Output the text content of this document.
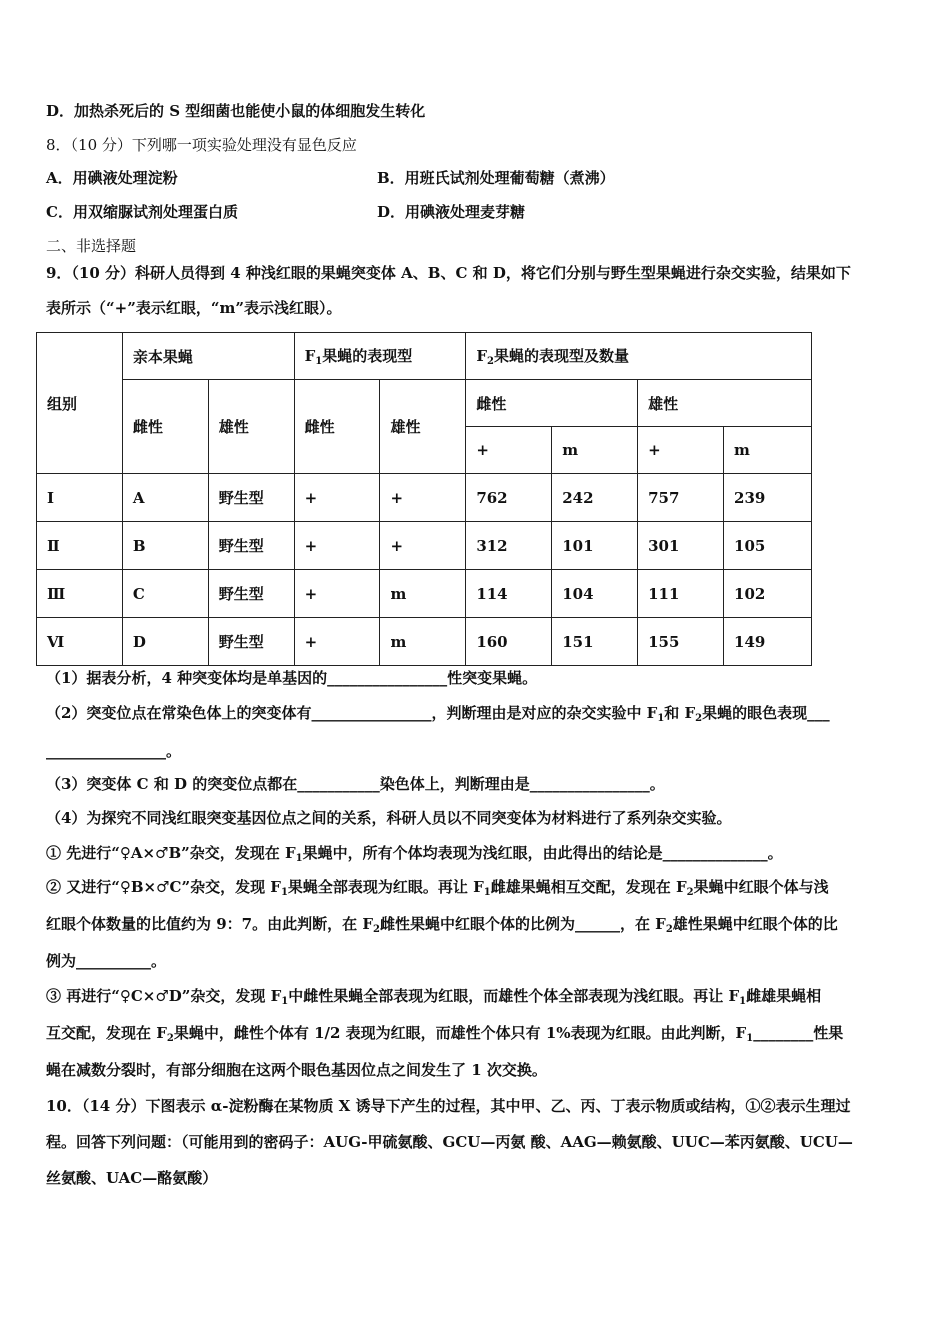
D．加热杀死后的 S 型细菌也能使小鼠的体细胞发生转化
8．（10 分）下列哪一项实验处理没有显色反应
A．用碘液处理淀粉	B．用班氏试剂处理葡萄糖（煮沸）
C．用双缩脲试剂处理蛋白质	D．用碘液处理麦芽糖
二、非选择题
9．（10 分）科研人员得到 4 种浅红眼的果蝇突变体 A、B、C 和 D，将它们分别与野生型果蝇进行杂交实验，结果如下
表所示（“+”表示红眼，“m”表示浅红眼）。
组别	亲本果蝇		$F_1$果蝇的表现型		$F_2$果蝇的表现型及数量			
	雌性	雄性	雌性	雄性	雌性		雄性	
					+	m	+	m
Ⅰ	A	野生型	+	+	762	242	757	239
Ⅱ	B	野生型	+	+	312	101	301	105
Ⅲ	C	野生型	+	m	114	104	111	102
Ⅵ	D	野生型	+	m	160	151	155	149
（1）据表分析，4 种突变体均是单基因的________________性突变果蝇。
（2）突变位点在常染色体上的突变体有________________，判断理由是对应的杂交实验中 $F_1$和 $F_2$果蝇的眼色表现___
________________。
（3）突变体 C 和 D 的突变位点都在___________染色体上，判断理由是________________。
（4）为探究不同浅红眼突变基因位点之间的关系，科研人员以不同突变体为材料进行了系列杂交实验。
① 先进行“♀A×♂B”杂交，发现在 $F_1$果蝇中，所有个体均表现为浅红眼，由此得出的结论是______________。
② 又进行“♀B×♂C”杂交，发现 $F_1$果蝇全部表现为红眼。再让 $F_1$雌雄果蝇相互交配，发现在 $F_2$果蝇中红眼个体与浅
红眼个体数量的比值约为 9：7。由此判断，在 $F_2$雌性果蝇中红眼个体的比例为______，在 $F_2$雄性果蝇中红眼个体的比
例为__________。
③ 再进行“♀C×♂D”杂交，发现 $F_1$中雌性果蝇全部表现为红眼，而雄性个体全部表现为浅红眼。再让 $F_1$雌雄果蝇相
互交配，发现在 $F_2$果蝇中，雌性个体有 1/2 表现为红眼，而雄性个体只有 1%表现为红眼。由此判断，$F_1\_\_\_\_\_\_\_\_$性果
蝇在减数分裂时，有部分细胞在这两个眼色基因位点之间发生了 1 次交换。
10．（14 分）下图表示 α-淀粉酶在某物质 X 诱导下产生的过程，其中甲、乙、丙、丁表示物质或结构，①②表示生理过
程。回答下列问题：（可能用到的密码子：AUG-甲硫氨酸、GCU—丙氨 酸、AAG—赖氨酸、UUC—苯丙氨酸、UCU—
丝氨酸、UAC—酪氨酸）
